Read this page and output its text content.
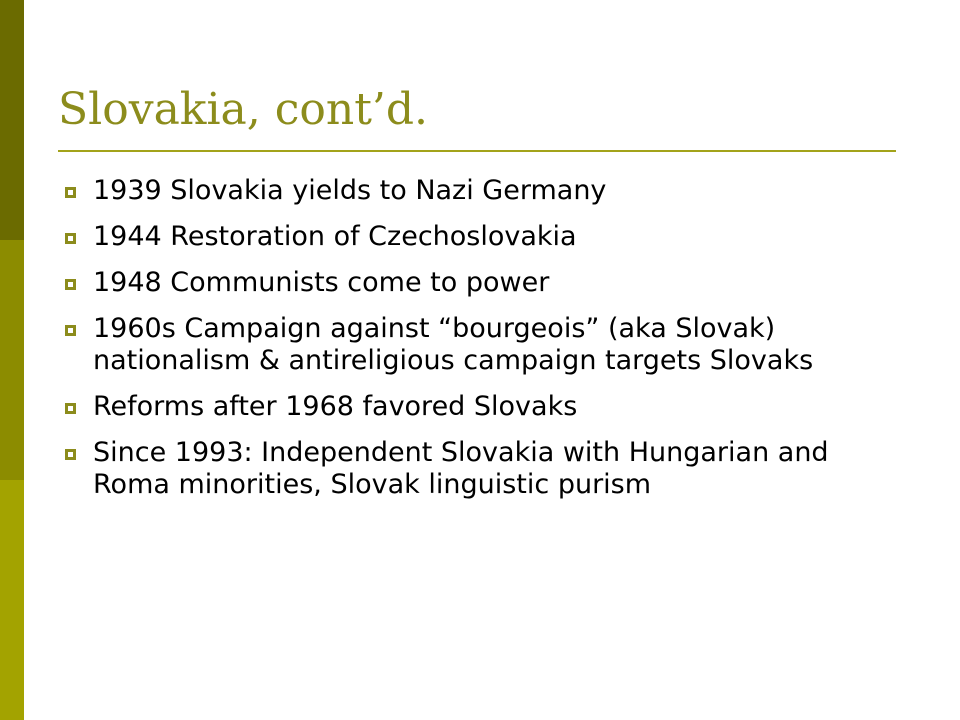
Slovakia, cont’d.
1939 Slovakia yields to Nazi Germany
1944 Restoration of Czechoslovakia
1948 Communists come to power
1960s Campaign against “bourgeois” (aka Slovak) nationalism & antireligious campaign targets Slovaks
Reforms after 1968 favored Slovaks
Since 1993: Independent Slovakia with Hungarian and Roma minorities, Slovak linguistic purism
